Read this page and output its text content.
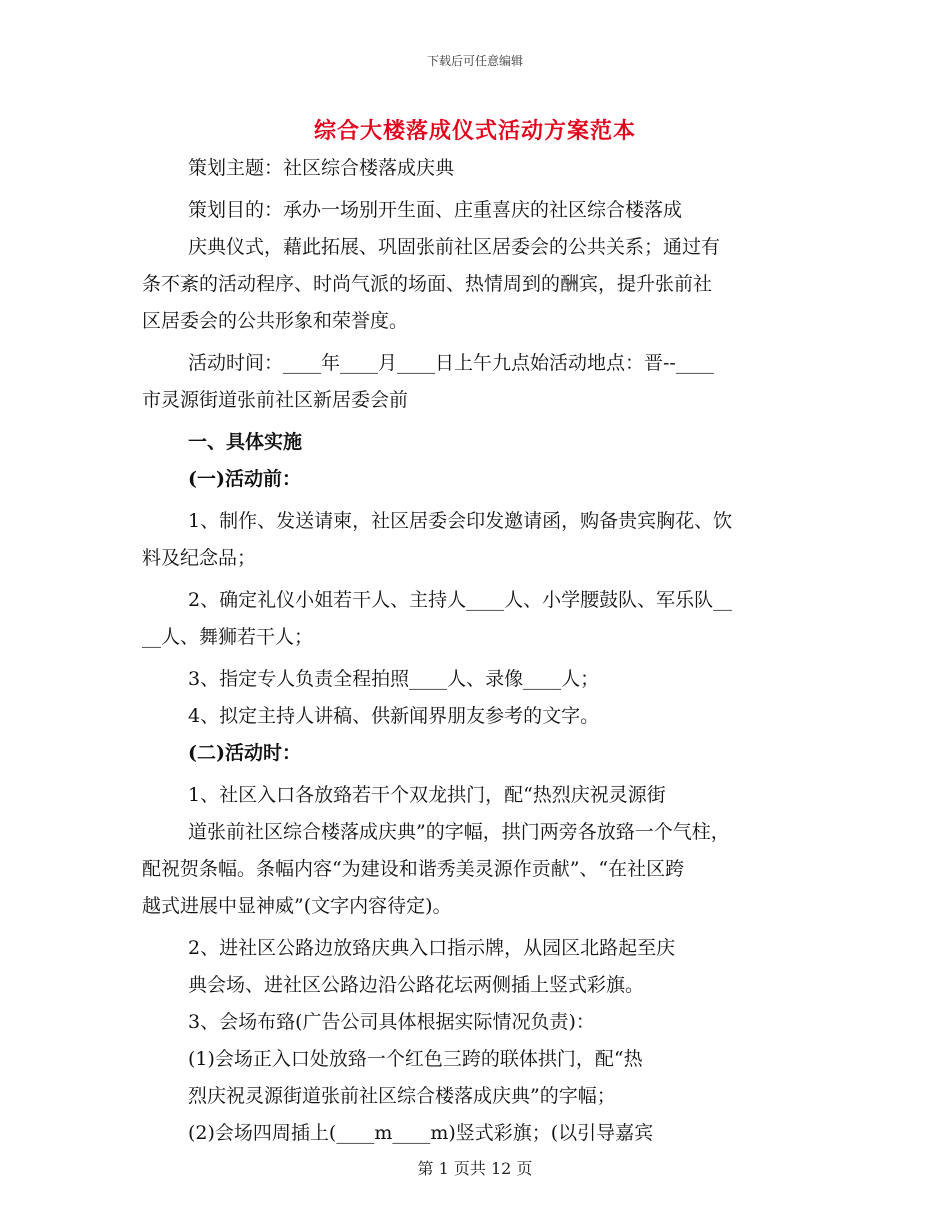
下载后可任意编辑
综合大楼落成仪式活动方案范本
策划主题：社区综合楼落成庆典
策划目的：承办一场别开生面、庄重喜庆的社区综合楼落成
庆典仪式，藉此拓展、巩固张前社区居委会的公共关系；通过有
条不紊的活动程序、时尚气派的场面、热情周到的酬宾，提升张前社
区居委会的公共形象和荣誉度。
活动时间：____年____月____日上午九点始活动地点：晋--____
市灵源街道张前社区新居委会前
一、具体实施
(一)活动前：
1、制作、发送请柬，社区居委会印发邀请函，购备贵宾胸花、饮
料及纪念品；
2、确定礼仪小姐若干人、主持人____人、小学腰鼓队、军乐队__
__人、舞狮若干人；
3、指定专人负责全程拍照____人、录像____人；
4、拟定主持人讲稿、供新闻界朋友参考的文字。
(二)活动时：
1、社区入口各放臵若干个双龙拱门，配“热烈庆祝灵源街
道张前社区综合楼落成庆典”的字幅，拱门两旁各放臵一个气柱，
配祝贺条幅。条幅内容“为建设和谐秀美灵源作贡献”、“在社区跨
越式进展中显神威”(文字内容待定)。
2、进社区公路边放臵庆典入口指示牌，从园区北路起至庆
典会场、进社区公路边沿公路花坛两侧插上竖式彩旗。
3、会场布臵(广告公司具体根据实际情况负责)：
(1)会场正入口处放臵一个红色三跨的联体拱门，配“热
烈庆祝灵源街道张前社区综合楼落成庆典”的字幅；
(2)会场四周插上(____m____m)竖式彩旗；(以引导嘉宾
第 1 页共 12 页
